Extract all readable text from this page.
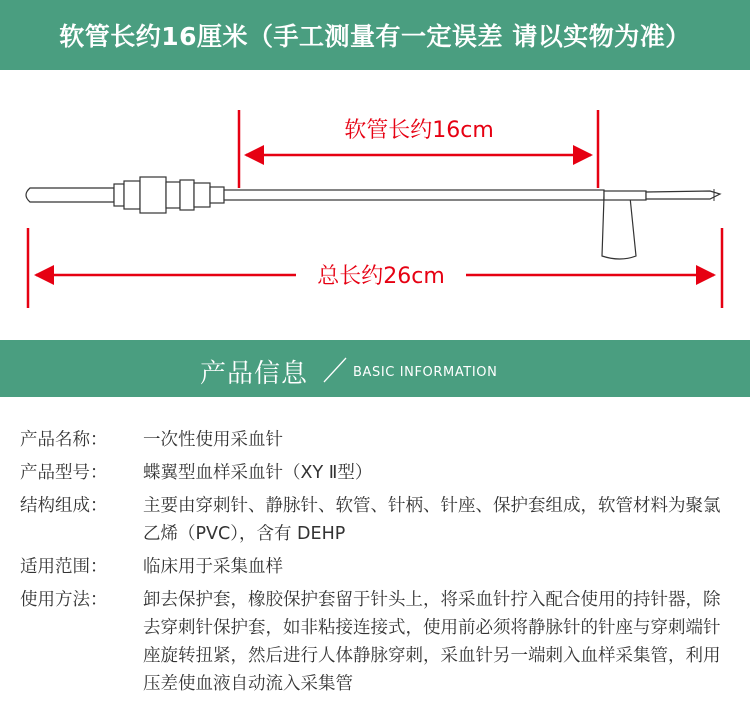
软管长约16厘米（手工测量有一定误差 请以实物为准）
软管长约16cm
总长约26cm
产品信息	BASIC INFORMATION
产品名称：	一次性使用采血针
产品型号：	蝶翼型血样采血针（XY Ⅱ型）
结构组成：	主要由穿刺针、静脉针、软管、针柄、针座、保护套组成，软管材料为聚氯乙烯（PVC），含有 DEHP
适用范围：	临床用于采集血样
使用方法：	卸去保护套，橡胶保护套留于针头上，将采血针拧入配合使用的持针器，除去穿刺针保护套，如非粘接连接式，使用前必须将静脉针的针座与穿刺端针座旋转扭紧，然后进行人体静脉穿刺，采血针另一端刺入血样采集管，利用压差使血液自动流入采集管
